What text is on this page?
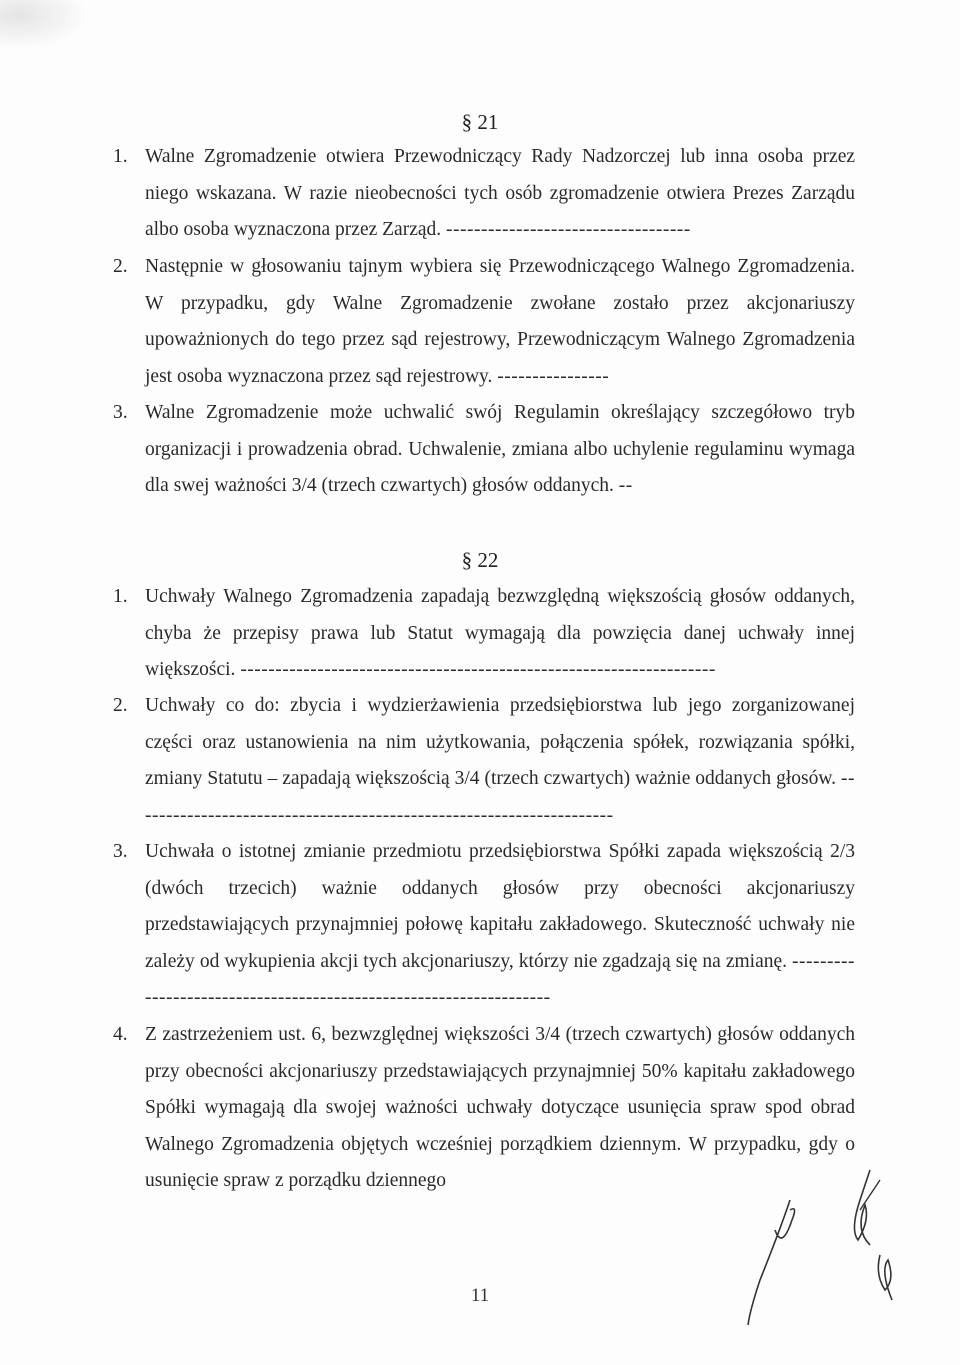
§ 21
1. Walne Zgromadzenie otwiera Przewodniczący Rady Nadzorczej lub inna osoba przez niego wskazana. W razie nieobecności tych osób zgromadzenie otwiera Prezes Zarządu albo osoba wyznaczona przez Zarząd. -----------------------------------
2. Następnie w głosowaniu tajnym wybiera się Przewodniczącego Walnego Zgromadzenia. W przypadku, gdy Walne Zgromadzenie zwołane zostało przez akcjonariuszy upoważnionych do tego przez sąd rejestrowy, Przewodniczącym Walnego Zgromadzenia jest osoba wyznaczona przez sąd rejestrowy. ----------------
3. Walne Zgromadzenie może uchwalić swój Regulamin określający szczegółowo tryb organizacji i prowadzenia obrad. Uchwalenie, zmiana albo uchylenie regulaminu wymaga dla swej ważności 3/4 (trzech czwartych) głosów oddanych. --
§ 22
1. Uchwały Walnego Zgromadzenia zapadają bezwzględną większością głosów oddanych, chyba że przepisy prawa lub Statut wymagają dla powzięcia danej uchwały innej większości. --------------------------------------------------------------------
2. Uchwały co do: zbycia i wydzierżawienia przedsiębiorstwa lub jego zorganizowanej części oraz ustanowienia na nim użytkowania, połączenia spółek, rozwiązania spółki, zmiany Statutu – zapadają większością 3/4 (trzech czwartych) ważnie oddanych głosów. ---------------------------------------------------------------------
3. Uchwała o istotnej zmianie przedmiotu przedsiębiorstwa Spółki zapada większością 2/3 (dwóch trzecich) ważnie oddanych głosów przy obecności akcjonariuszy przedstawiających przynajmniej połowę kapitału zakładowego. Skuteczność uchwały nie zależy od wykupienia akcji tych akcjonariuszy, którzy nie zgadzają się na zmianę. -------------------------------------------------------------------
4. Z zastrzeżeniem ust. 6, bezwzględnej większości 3/4 (trzech czwartych) głosów oddanych przy obecności akcjonariuszy przedstawiających przynajmniej 50% kapitału zakładowego Spółki wymagają dla swojej ważności uchwały dotyczące usunięcia spraw spod obrad Walnego Zgromadzenia objętych wcześniej porządkiem dziennym. W przypadku, gdy o usunięcie spraw z porządku dziennego
11
